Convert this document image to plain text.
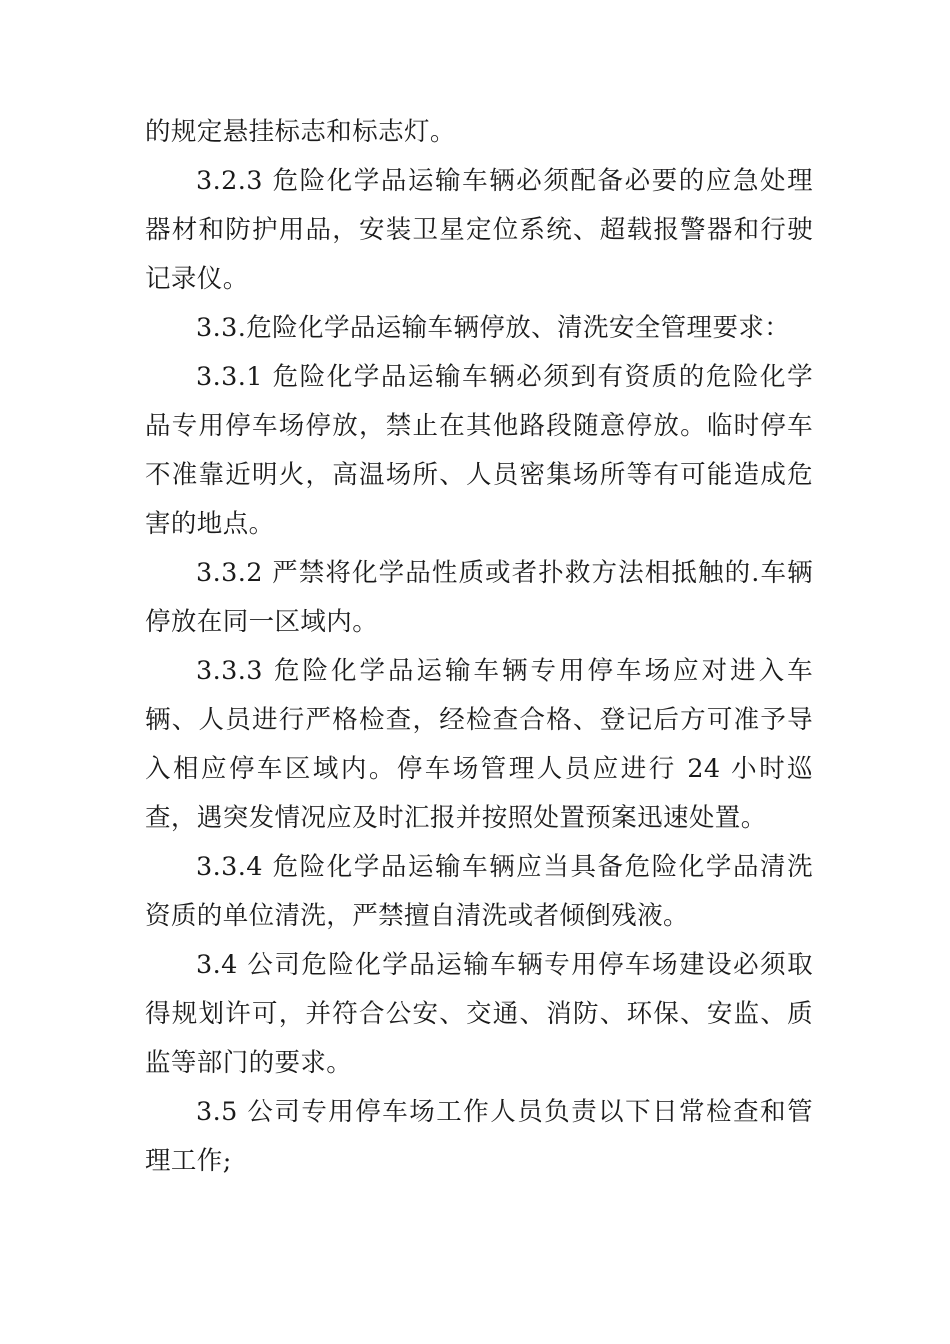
的规定悬挂标志和标志灯。

3.2.3 危险化学品运输车辆必须配备必要的应急处理器材和防护用品，安装卫星定位系统、超载报警器和行驶记录仪。

3.3.危险化学品运输车辆停放、清洗安全管理要求：

3.3.1 危险化学品运输车辆必须到有资质的危险化学品专用停车场停放，禁止在其他路段随意停放。临时停车不准靠近明火，高温场所、人员密集场所等有可能造成危害的地点。

3.3.2 严禁将化学品性质或者扑救方法相抵触的.车辆停放在同一区域内。

3.3.3 危险化学品运输车辆专用停车场应对进入车辆、人员进行严格检查，经检查合格、登记后方可准予导入相应停车区域内。停车场管理人员应进行 24 小时巡查，遇突发情况应及时汇报并按照处置预案迅速处置。

3.3.4 危险化学品运输车辆应当具备危险化学品清洗资质的单位清洗，严禁擅自清洗或者倾倒残液。

3.4 公司危险化学品运输车辆专用停车场建设必须取得规划许可，并符合公安、交通、消防、环保、安监、质监等部门的要求。

3.5 公司专用停车场工作人员负责以下日常检查和管理工作;
